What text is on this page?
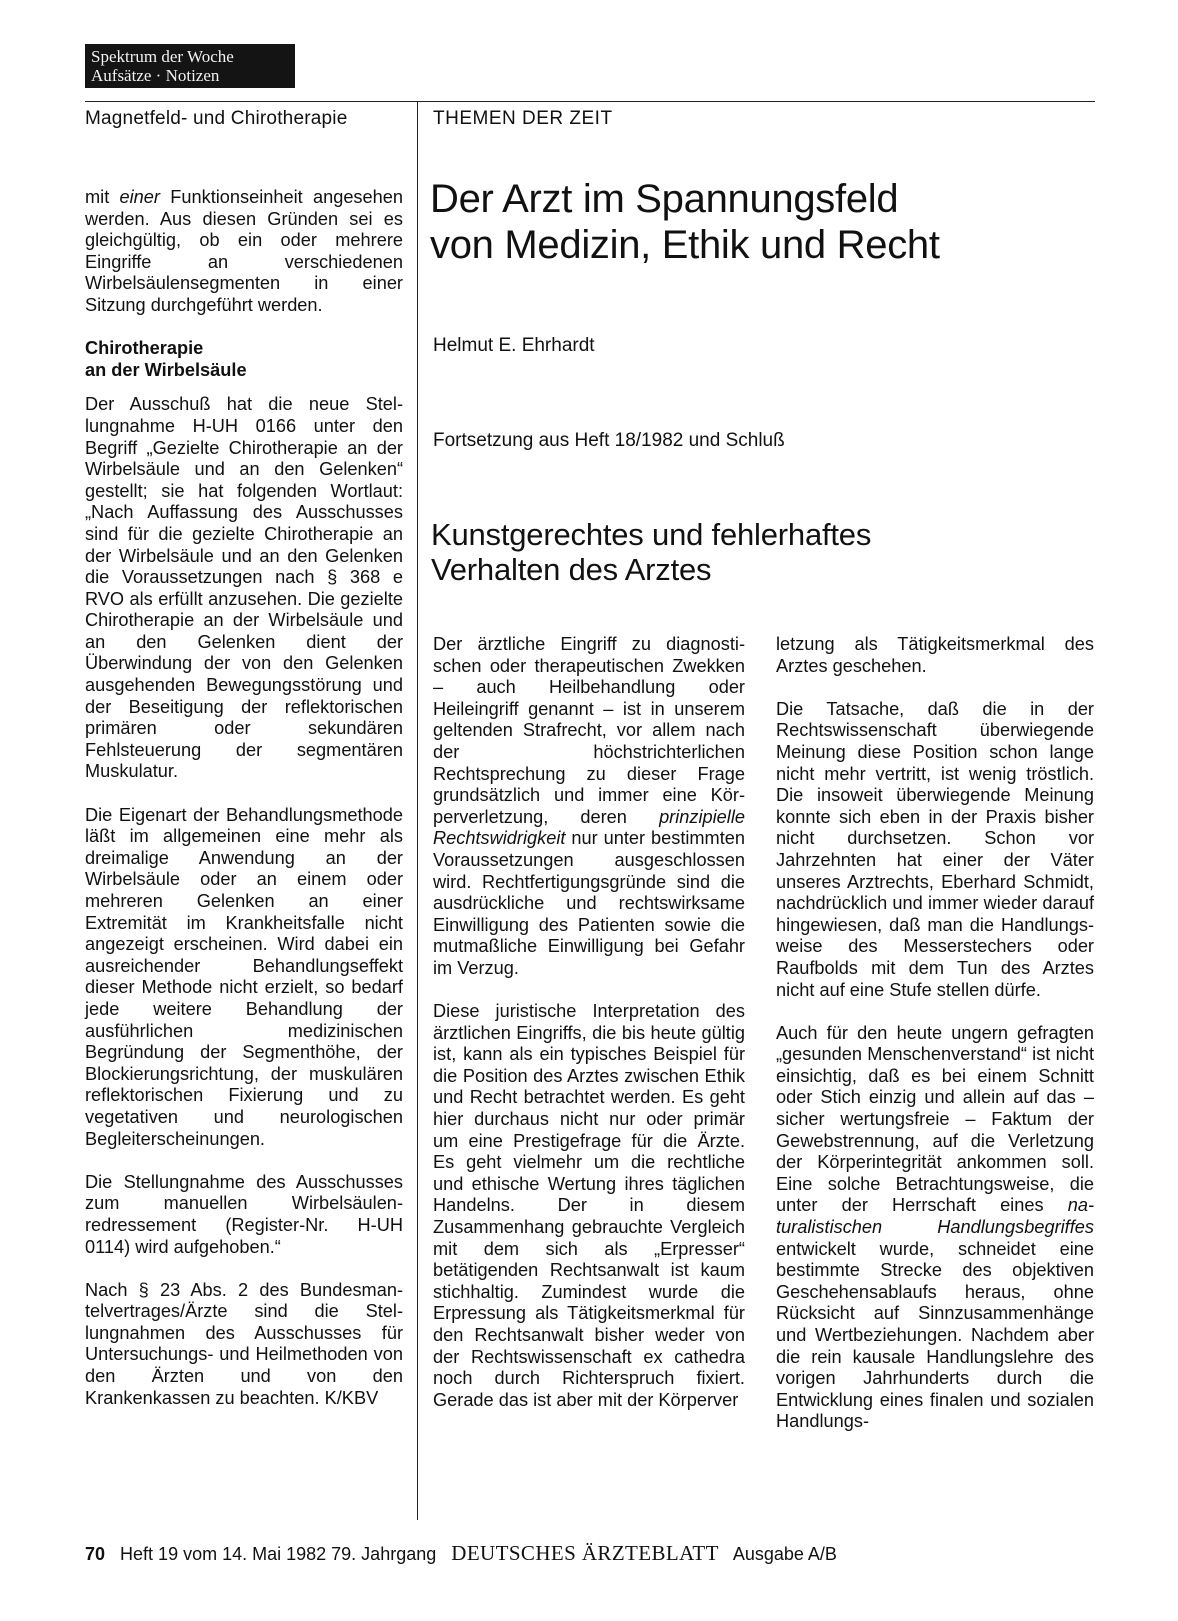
Spektrum der Woche
Aufsätze · Notizen
Magnetfeld- und Chirotherapie	THEMEN DER ZEIT

mit einer Funktionseinheit angesehen werden. Aus diesen Gründen sei es gleichgültig, ob ein oder mehrere Eingriffe an verschiedenen Wirbelsäulensegmenten in einer Sitzung durchgeführt werden.

Chirotherapie
an der Wirbelsäule

Der Ausschuß hat die neue Stellungnahme H-UH 0166 unter den Begriff „Gezielte Chirotherapie an der Wirbelsäule und an den Gelenken“ gestellt; sie hat folgenden Wortlaut: „Nach Auffassung des Ausschusses sind für die gezielte Chirotherapie an der Wirbelsäule und an den Gelenken die Voraussetzungen nach § 368 e RVO als erfüllt anzusehen. Die gezielte Chirotherapie an der Wirbelsäule und an den Gelenken dient der Überwindung der von den Gelenken ausgehenden Bewegungsstörung und der Beseitigung der reflektorischen primären oder sekundären Fehlsteuerung der segmentären Muskulatur.

Die Eigenart der Behandlungsmethode läßt im allgemeinen eine mehr als dreimalige Anwendung an der Wirbelsäule oder an einem oder mehreren Gelenken an einer Extremität im Krankheitsfalle nicht angezeigt erscheinen. Wird dabei ein ausreichender Behandlungseffekt dieser Methode nicht erzielt, so bedarf jede weitere Behandlung der ausführlichen medizinischen Begründung der Segmenthöhe, der Blockierungsrichtung, der muskulären reflektorischen Fixierung und zu vegetativen und neurologischen Begleiterscheinungen.

Die Stellungnahme des Ausschusses zum manuellen Wirbelsäulenredressement (Register-Nr. H-UH 0114) wird aufgehoben.“

Nach § 23 Abs. 2 des Bundesmantelvertrages/Ärzte sind die Stellungnahmen des Ausschusses für Untersuchungs- und Heilmethoden von den Ärzten und von den Krankenkassen zu beachten. K/KBV

Der Arzt im Spannungsfeld
von Medizin, Ethik und Recht
Helmut E. Ehrhardt
Fortsetzung aus Heft 18/1982 und Schluß
Kunstgerechtes und fehlerhaftes
Verhalten des Arztes

Der ärztliche Eingriff zu diagnostischen oder therapeutischen Zwekken – auch Heilbehandlung oder Heileingriff genannt – ist in unserem geltenden Strafrecht, vor allem nach der höchstrichterlichen Rechtsprechung zu dieser Frage grundsätzlich und immer eine Körperverletzung, deren prinzipielle Rechtswidrigkeit nur unter bestimmten Voraussetzungen ausgeschlossen wird. Rechtfertigungsgründe sind die ausdrückliche und rechtswirksame Einwilligung des Patienten sowie die mutmaßliche Einwilligung bei Gefahr im Verzug.

Diese juristische Interpretation des ärztlichen Eingriffs, die bis heute gültig ist, kann als ein typisches Beispiel für die Position des Arztes zwischen Ethik und Recht betrachtet werden. Es geht hier durchaus nicht nur oder primär um eine Prestigefrage für die Ärzte. Es geht vielmehr um die rechtliche und ethische Wertung ihres täglichen Handelns. Der in diesem Zusammenhang gebrauchte Vergleich mit dem sich als „Erpresser“ betätigenden Rechtsanwalt ist kaum stichhaltig. Zumindest wurde die Erpressung als Tätigkeitsmerkmal für den Rechtsanwalt bisher weder von der Rechtswissenschaft ex cathedra noch durch Richterspruch fixiert. Gerade das ist aber mit der Körperver

letzung als Tätigkeitsmerkmal des Arztes geschehen.

Die Tatsache, daß die in der Rechtswissenschaft überwiegende Meinung diese Position schon lange nicht mehr vertritt, ist wenig tröstlich. Die insoweit überwiegende Meinung konnte sich eben in der Praxis bisher nicht durchsetzen. Schon vor Jahrzehnten hat einer der Väter unseres Arztrechts, Eberhard Schmidt, nachdrücklich und immer wieder darauf hingewiesen, daß man die Handlungsweise des Messerstechers oder Raufbolds mit dem Tun des Arztes nicht auf eine Stufe stellen dürfe.

Auch für den heute ungern gefragten „gesunden Menschenverstand“ ist nicht einsichtig, daß es bei einem Schnitt oder Stich einzig und allein auf das – sicher wertungsfreie – Faktum der Gewebstrennung, auf die Verletzung der Körperintegrität ankommen soll. Eine solche Betrachtungsweise, die unter der Herrschaft eines naturalistischen Handlungsbegriffes entwickelt wurde, schneidet eine bestimmte Strecke des objektiven Geschehensablaufs heraus, ohne Rücksicht auf Sinnzusammenhänge und Wertbeziehungen. Nachdem aber die rein kausale Handlungslehre des vorigen Jahrhunderts durch die Entwicklung eines finalen und sozialen Handlungs-

70 Heft 19 vom 14. Mai 1982 79. Jahrgang DEUTSCHES ÄRZTEBLATT Ausgabe A/B
